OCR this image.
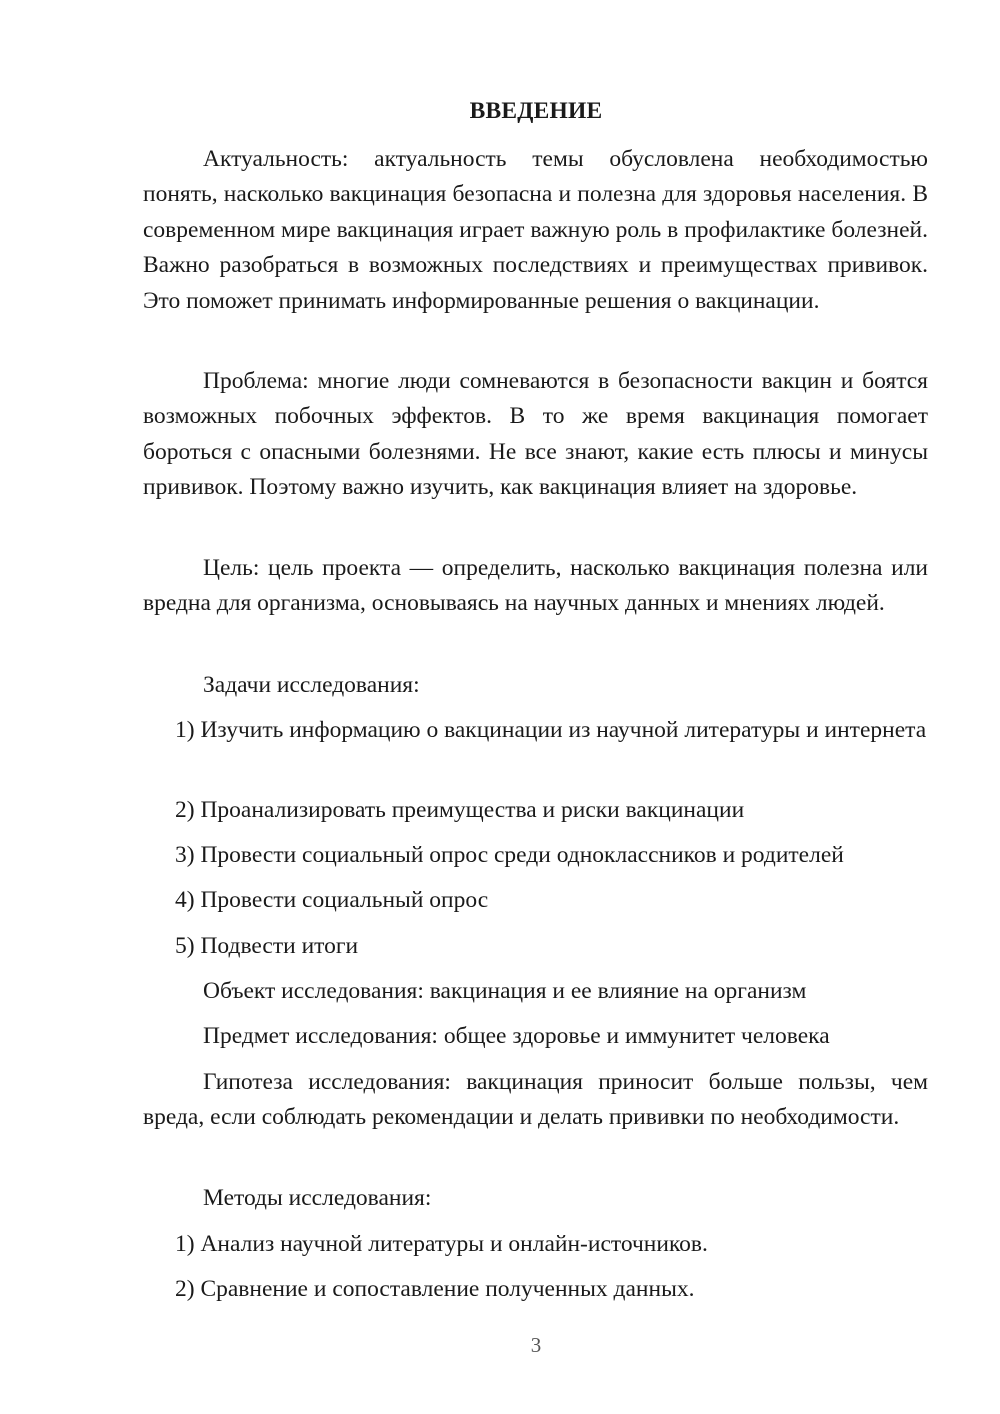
ВВЕДЕНИЕ

Актуальность: актуальность темы обусловлена необходимостью понять, насколько вакцинация безопасна и полезна для здоровья населения. В современном мире вакцинация играет важную роль в профилактике болезней. Важно разобраться в возможных последствиях и преимуществах прививок. Это поможет принимать информированные решения о вакцинации.

Проблема: многие люди сомневаются в безопасности вакцин и боятся возможных побочных эффектов. В то же время вакцинация помогает бороться с опасными болезнями. Не все знают, какие есть плюсы и минусы прививок. Поэтому важно изучить, как вакцинация влияет на здоровье.

Цель: цель проекта — определить, насколько вакцинация полезна или вредна для организма, основываясь на научных данных и мнениях людей.

Задачи исследования:

1) Изучить информацию о вакцинации из научной литературы и интернета

2) Проанализировать преимущества и риски вакцинации

3) Провести социальный опрос среди одноклассников и родителей

4) Провести социальный опрос

5) Подвести итоги

Объект исследования: вакцинация и ее влияние на организм

Предмет исследования: общее здоровье и иммунитет человека

Гипотеза исследования: вакцинация приносит больше пользы, чем вреда, если соблюдать рекомендации и делать прививки по необходимости.

Методы исследования:

1) Анализ научной литературы и онлайн-источников.

2) Сравнение и сопоставление полученных данных.

3
